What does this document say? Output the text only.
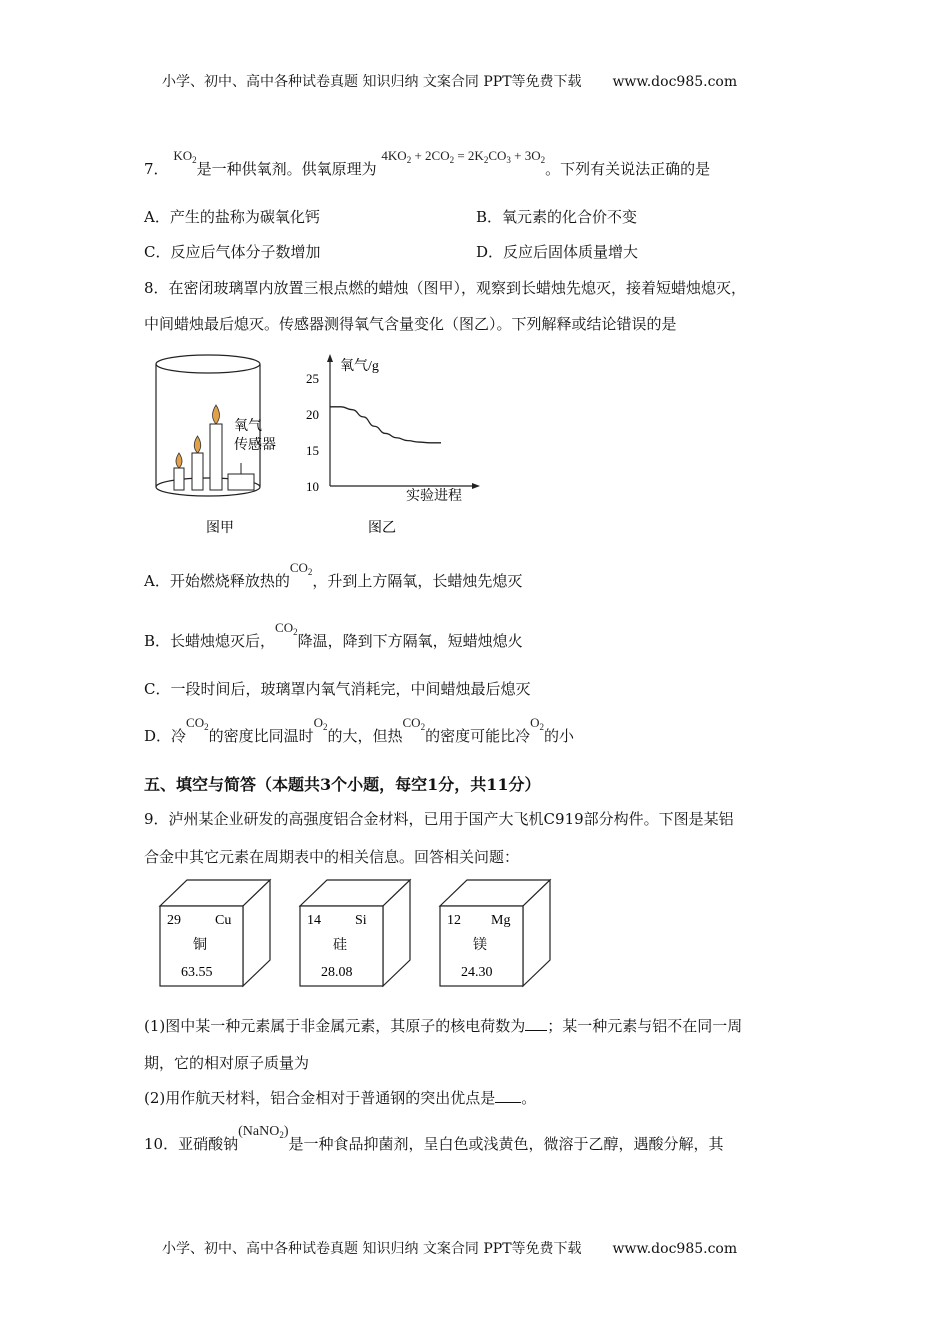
小学、初中、高中各种试卷真题 知识归纳 文案合同 PPT等免费下载 www.doc985.com
7． $KO_2$是一种供氧剂。供氧原理为 $4KO_2 + 2CO_2 = 2K_2CO_3 + 3O_2$。下列有关说法正确的是
A．产生的盐称为碳氧化钙	B．氧元素的化合价不变
C．反应后气体分子数增加	D．反应后固体质量增大
8．在密闭玻璃罩内放置三根点燃的蜡烛（图甲），观察到长蜡烛先熄灭，接着短蜡烛熄灭，
中间蜡烛最后熄灭。传感器测得氧气含量变化（图乙）。下列解释或结论错误的是
氧气
传感器
图甲
氧气/g
实验进程
10
15
20
25
图乙
A．开始燃烧释放热的$CO_2$，升到上方隔氧，长蜡烛先熄灭
B．长蜡烛熄灭后，$CO_2$降温，降到下方隔氧，短蜡烛熄火
C．一段时间后，玻璃罩内氧气消耗完，中间蜡烛最后熄灭
D．冷$CO_2$的密度比同温时$O_2$的大，但热$CO_2$的密度可能比冷$O_2$的小
五、填空与简答（本题共3个小题，每空1分，共11分）
9．泸州某企业研发的高强度铝合金材料，已用于国产大飞机C919部分构件。下图是某铝
合金中其它元素在周期表中的相关信息。回答相关问题：
29 Cu
铜
63.55
14 Si
硅
28.08
12 Mg
镁
24.30
(1)图中某一种元素属于非金属元素，其原子的核电荷数为 ；某一种元素与铝不在同一周
期，它的相对原子质量为
(2)用作航天材料，铝合金相对于普通钢的突出优点是 。
10．亚硝酸钠(NaNO$_2$)是一种食品抑菌剂，呈白色或浅黄色，微溶于乙醇，遇酸分解，其
小学、初中、高中各种试卷真题 知识归纳 文案合同 PPT等免费下载 www.doc985.com
